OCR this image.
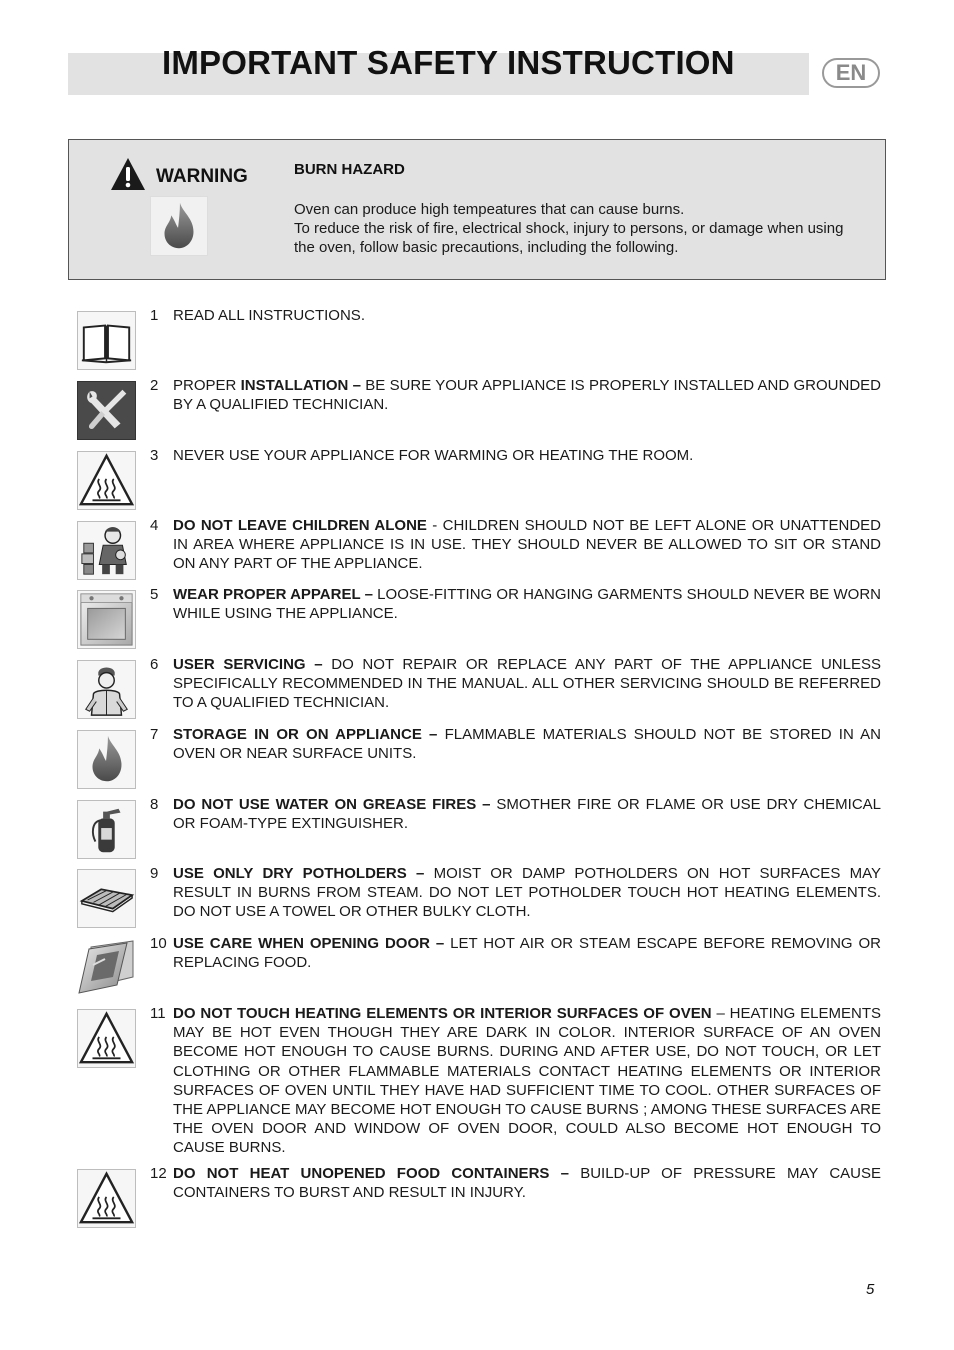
IMPORTANT SAFETY INSTRUCTION	EN
WARNING	BURN HAZARD
Oven can produce high tempeatures that can cause burns.
To reduce the risk of fire, electrical shock, injury to persons, or damage when using
the oven, follow basic precautions, including the following.
1 READ ALL INSTRUCTIONS.
2 PROPER INSTALLATION – BE SURE YOUR APPLIANCE IS PROPERLY INSTALLED AND GROUNDED BY A QUALIFIED TECHNICIAN.
3 NEVER USE YOUR APPLIANCE FOR WARMING OR HEATING THE ROOM.
4 DO NOT LEAVE CHILDREN ALONE - CHILDREN SHOULD NOT BE LEFT ALONE OR UNATTENDED IN AREA WHERE APPLIANCE IS IN USE. THEY SHOULD NEVER BE ALLOWED TO SIT OR STAND ON ANY PART OF THE APPLIANCE.
5 WEAR PROPER APPAREL – LOOSE-FITTING OR HANGING GARMENTS SHOULD NEVER BE WORN WHILE USING THE APPLIANCE.
6 USER SERVICING – DO NOT REPAIR OR REPLACE ANY PART OF THE APPLIANCE UNLESS SPECIFICALLY RECOMMENDED IN THE MANUAL. ALL OTHER SERVICING SHOULD BE REFERRED TO A QUALIFIED TECHNICIAN.
7 STORAGE IN OR ON APPLIANCE – FLAMMABLE MATERIALS SHOULD NOT BE STORED IN AN OVEN OR NEAR SURFACE UNITS.
8 DO NOT USE WATER ON GREASE FIRES – SMOTHER FIRE OR FLAME OR USE DRY CHEMICAL OR FOAM-TYPE EXTINGUISHER.
9 USE ONLY DRY POTHOLDERS – MOIST OR DAMP POTHOLDERS ON HOT SURFACES MAY RESULT IN BURNS FROM STEAM. DO NOT LET POTHOLDER TOUCH HOT HEATING ELEMENTS. DO NOT USE A TOWEL OR OTHER BULKY CLOTH.
10 USE CARE WHEN OPENING DOOR – LET HOT AIR OR STEAM ESCAPE BEFORE REMOVING OR REPLACING FOOD.
11 DO NOT TOUCH HEATING ELEMENTS OR INTERIOR SURFACES OF OVEN – HEATING ELEMENTS MAY BE HOT EVEN THOUGH THEY ARE DARK IN COLOR. INTERIOR SURFACE OF AN OVEN BECOME HOT ENOUGH TO CAUSE BURNS. DURING AND AFTER USE, DO NOT TOUCH, OR LET CLOTHING OR OTHER FLAMMABLE MATERIALS CONTACT HEATING ELEMENTS OR INTERIOR SURFACES OF OVEN UNTIL THEY HAVE HAD SUFFICIENT TIME TO COOL. OTHER SURFACES OF THE APPLIANCE MAY BECOME HOT ENOUGH TO CAUSE BURNS ; AMONG THESE SURFACES ARE THE OVEN DOOR AND WINDOW OF OVEN DOOR, COULD ALSO BECOME HOT ENOUGH TO CAUSE BURNS.
12 DO NOT HEAT UNOPENED FOOD CONTAINERS – BUILD-UP OF PRESSURE MAY CAUSE CONTAINERS TO BURST AND RESULT IN INJURY.
5
